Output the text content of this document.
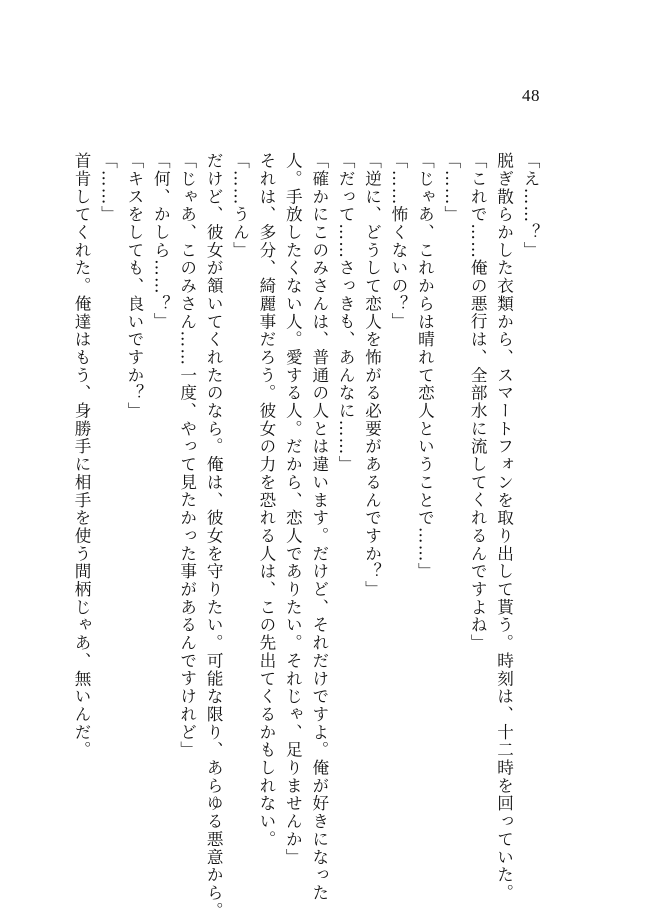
48
「え……？」
脱ぎ散らかした衣類から、スマートフォンを取り出して貰う。時刻は、十二時を回っていた。
「これで……俺の悪行は、全部水に流してくれるんですよね」
「……」
「じゃあ、これからは晴れて恋人ということで……」
「……怖くないの？」
「逆に、どうして恋人を怖がる必要があるんですか？」
「だって……さっきも、あんなに……」
「確かにこのみさんは、普通の人とは違います。だけど、それだけですよ。俺が好きになった
人。手放したくない人。愛する人。だから、恋人でありたい。それじゃ、足りませんか」
それは、多分、綺麗事だろう。彼女の力を恐れる人は、この先出てくるかもしれない。
「……うん」
だけど、彼女が頷いてくれたのなら。俺は、彼女を守りたい。可能な限り、あらゆる悪意から。
「じゃあ、このみさん……一度、やって見たかった事があるんですけれど」
「何、かしら……？」
「キスをしても、良いですか？」
「……」
首肯してくれた。俺達はもう、身勝手に相手を使う間柄じゃあ、無いんだ。
